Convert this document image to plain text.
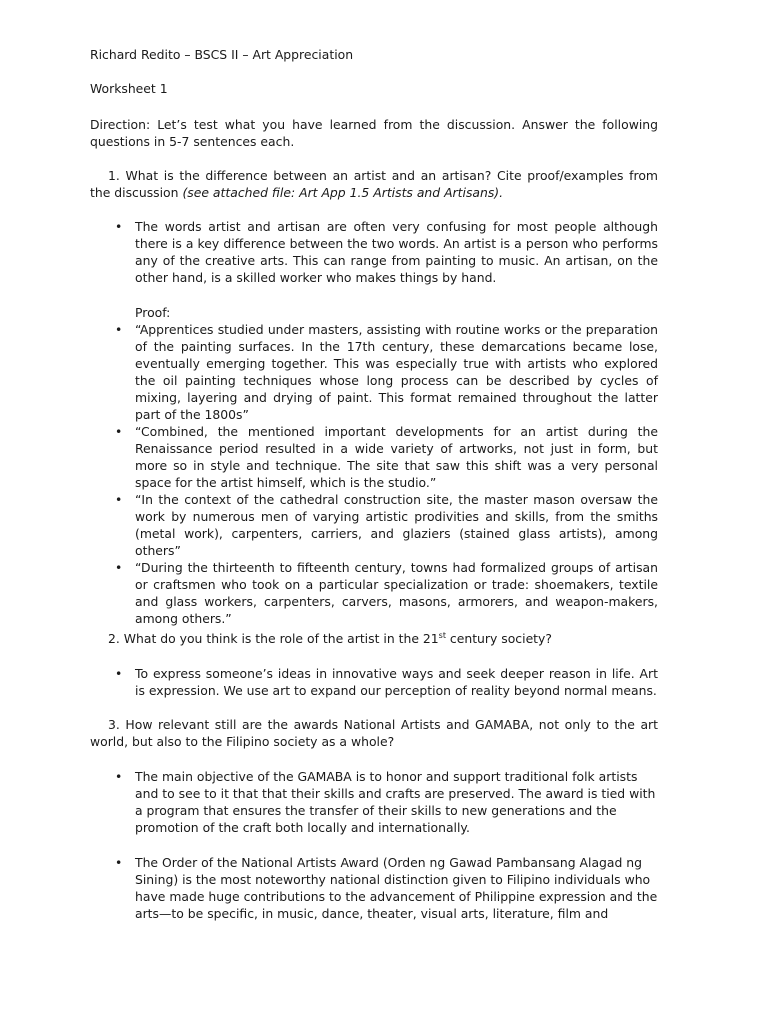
Richard Redito – BSCS II – Art Appreciation

Worksheet 1

Direction: Let’s test what you have learned from the discussion. Answer the following questions in 5-7 sentences each.

1. What is the difference between an artist and an artisan? Cite proof/examples from the discussion (see attached file: Art App 1.5 Artists and Artisans).

• The words artist and artisan are often very confusing for most people although there is a key difference between the two words. An artist is a person who performs any of the creative arts. This can range from painting to music. An artisan, on the other hand, is a skilled worker who makes things by hand.

Proof:

• “Apprentices studied under masters, assisting with routine works or the preparation of the painting surfaces. In the 17th century, these demarcations became lose, eventually emerging together. This was especially true with artists who explored the oil painting techniques whose long process can be described by cycles of mixing, layering and drying of paint. This format remained throughout the latter part of the 1800s”
• “Combined, the mentioned important developments for an artist during the Renaissance period resulted in a wide variety of artworks, not just in form, but more so in style and technique. The site that saw this shift was a very personal space for the artist himself, which is the studio.”
• “In the context of the cathedral construction site, the master mason oversaw the work by numerous men of varying artistic prodivities and skills, from the smiths (metal work), carpenters, carriers, and glaziers (stained glass artists), among others”
• “During the thirteenth to fifteenth century, towns had formalized groups of artisan or craftsmen who took on a particular specialization or trade: shoemakers, textile and glass workers, carpenters, carvers, masons, armorers, and weapon-makers, among others.”

2. What do you think is the role of the artist in the 21st century society?

• To express someone’s ideas in innovative ways and seek deeper reason in life. Art is expression. We use art to expand our perception of reality beyond normal means.

3. How relevant still are the awards National Artists and GAMABA, not only to the art world, but also to the Filipino society as a whole?

• The main objective of the GAMABA is to honor and support traditional folk artists and to see to it that that their skills and crafts are preserved. The award is tied with a program that ensures the transfer of their skills to new generations and the promotion of the craft both locally and internationally.
• The Order of the National Artists Award (Orden ng Gawad Pambansang Alagad ng Sining) is the most noteworthy national distinction given to Filipino individuals who have made huge contributions to the advancement of Philippine expression and the arts—to be specific, in music, dance, theater, visual arts, literature, film and
